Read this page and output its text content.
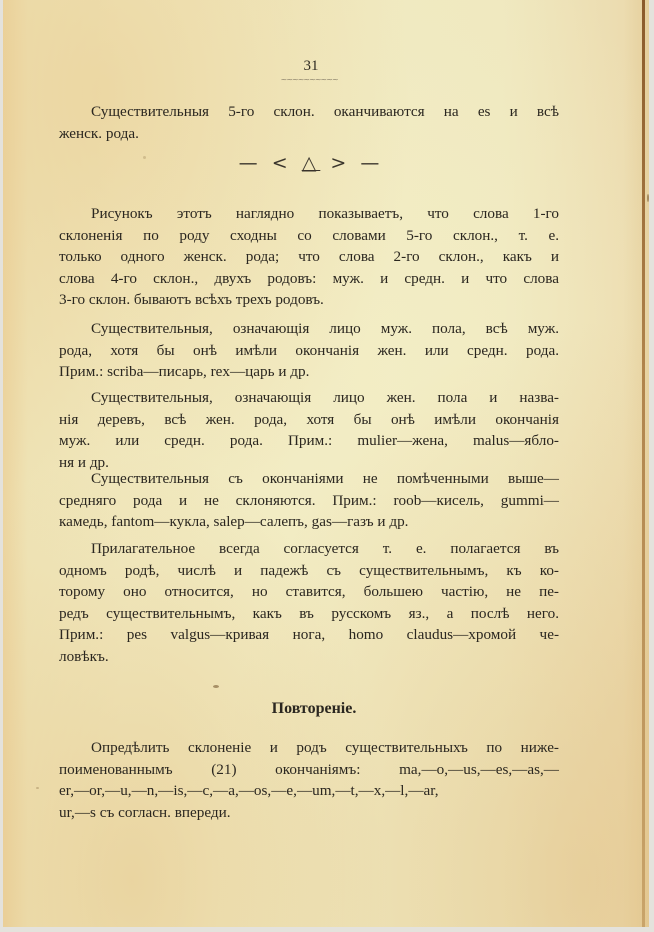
31
~~~~~~~~~~
Существительныя 5-го склон. оканчиваются на es и всѣ
женск. рода.
— < △ > —
Рисунокъ этотъ наглядно показываетъ, что слова 1-го
склоненія по роду сходны со словами 5-го склон., т. е.
только одного женск. рода; что слова 2-го склон., какъ и
слова 4-го склон., двухъ родовъ: муж. и средн. и что слова
3-го склон. бываютъ всѣхъ трехъ родовъ.
Существительныя, означающія лицо муж. пола, всѣ муж.
рода, хотя бы онѣ имѣли окончанія жен. или средн. рода.
Прим.: scriba—писарь, rex—царь и др.
Существительныя, означающія лицо жен. пола и назва-
нія деревъ, всѣ жен. рода, хотя бы онѣ имѣли окончанія
муж. или средн. рода. Прим.: mulier—жена, malus—ябло-
ня и др.
Существительныя съ окончаніями не помѣченными выше—
средняго рода и не склоняются. Прим.: roob—кисель, gummi—
камедь, fantom—кукла, salep—салепъ, gas—газъ и др.
Прилагательное всегда согласуется т. е. полагается въ
одномъ родѣ, числѣ и падежѣ съ существительнымъ, къ ко-
торому оно относится, но ставится, большею частію, не пе-
редъ существительнымъ, какъ въ русскомъ яз., а послѣ него.
Прим.: pes valgus—кривая нога, homo claudus—хромой че-
ловѣкъ.
Повтореніе.
Опредѣлить склоненіе и родъ существительныхъ по ниже-
поименованнымъ (21) окончаніямъ: ma,—o,—us,—es,—as,—
er,—or,—u,—n,—is,—c,—a,—os,—e,—um,—t,—x,—l,—ar,
ur,—s съ согласн. впереди.
